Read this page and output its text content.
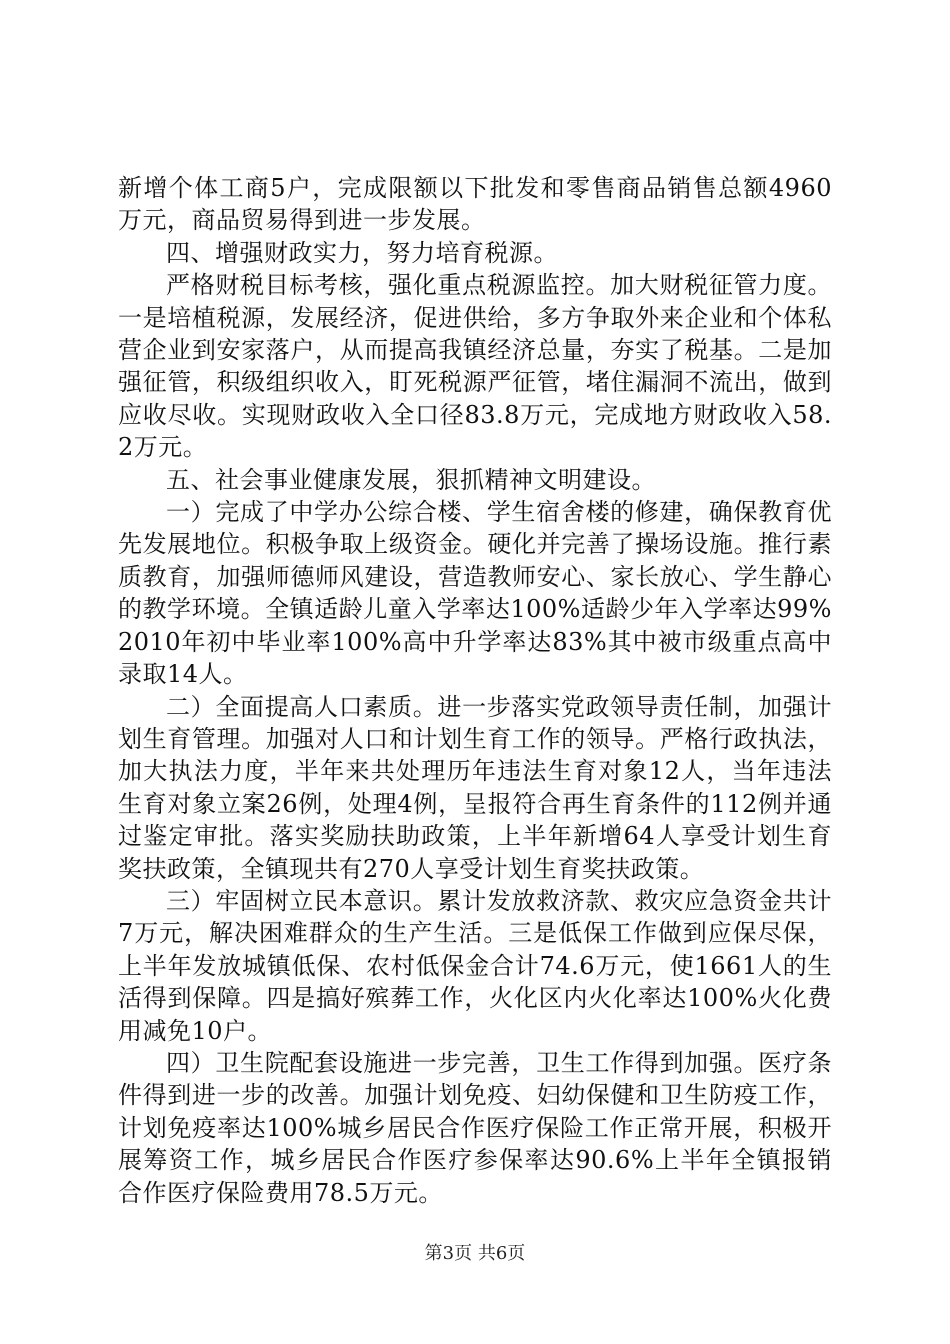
新增个体工商5户，完成限额以下批发和零售商品销售总额4960万元，商品贸易得到进一步发展。

四、增强财政实力，努力培育税源。

严格财税目标考核，强化重点税源监控。加大财税征管力度。一是培植税源，发展经济，促进供给，多方争取外来企业和个体私营企业到安家落户，从而提高我镇经济总量，夯实了税基。二是加强征管，积级组织收入，盯死税源严征管，堵住漏洞不流出，做到应收尽收。实现财政收入全口径83.8万元，完成地方财政收入58.2万元。

五、社会事业健康发展，狠抓精神文明建设。

一）完成了中学办公综合楼、学生宿舍楼的修建，确保教育优先发展地位。积极争取上级资金。硬化并完善了操场设施。推行素质教育，加强师德师风建设，营造教师安心、家长放心、学生静心的教学环境。全镇适龄儿童入学率达100%适龄少年入学率达99%2010年初中毕业率100%高中升学率达83%其中被市级重点高中录取14人。

二）全面提高人口素质。进一步落实党政领导责任制，加强计划生育管理。加强对人口和计划生育工作的领导。严格行政执法，加大执法力度，半年来共处理历年违法生育对象12人，当年违法生育对象立案26例，处理4例，呈报符合再生育条件的112例并通过鉴定审批。落实奖励扶助政策，上半年新增64人享受计划生育奖扶政策，全镇现共有270人享受计划生育奖扶政策。

三）牢固树立民本意识。累计发放救济款、救灾应急资金共计7万元，解决困难群众的生产生活。三是低保工作做到应保尽保，上半年发放城镇低保、农村低保金合计74.6万元，使1661人的生活得到保障。四是搞好殡葬工作，火化区内火化率达100%火化费用减免10户。

四）卫生院配套设施进一步完善，卫生工作得到加强。医疗条件得到进一步的改善。加强计划免疫、妇幼保健和卫生防疫工作，计划免疫率达100%城乡居民合作医疗保险工作正常开展，积极开展筹资工作，城乡居民合作医疗参保率达90.6%上半年全镇报销合作医疗保险费用78.5万元。

第3页 共6页
